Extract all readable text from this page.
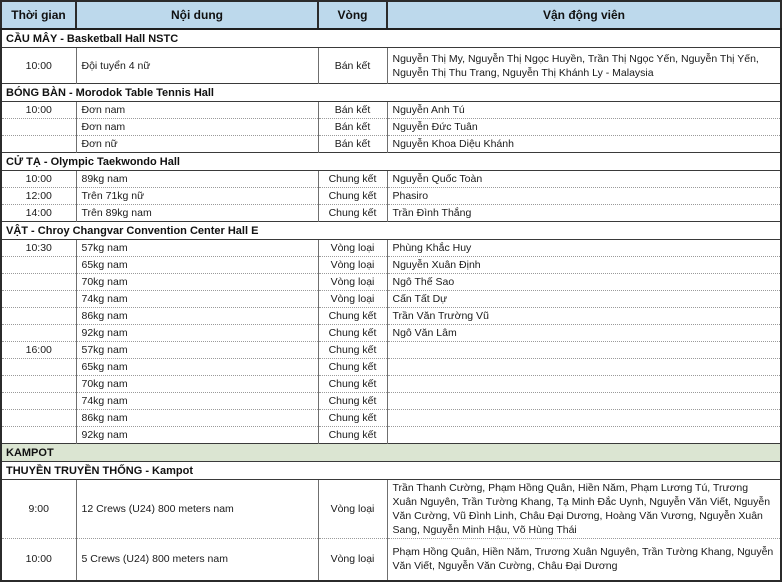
Thời gian	Nội dung	Vòng	Vận động viên
CẦU MÂY - Basketball Hall NSTC			
10:00	Đội tuyển 4 nữ	Bán kết	Nguyễn Thị My, Nguyễn Thị Ngọc Huyền, Trần Thị Ngọc Yến, Nguyễn Thị Yến, Nguyễn Thị Thu Trang, Nguyễn Thị Khánh Ly - Malaysia
BÓNG BÀN - Morodok Table Tennis Hall			
10:00	Đơn nam	Bán kết	Nguyễn Anh Tú
	Đơn nam	Bán kết	Nguyễn Đức Tuân
	Đơn nữ	Bán kết	Nguyễn Khoa Diệu Khánh
CỬ TẠ - Olympic Taekwondo Hall			
10:00	89kg nam	Chung kết	Nguyễn Quốc Toàn
12:00	Trên 71kg nữ	Chung kết	Phasiro
14:00	Trên 89kg nam	Chung kết	Trần Đình Thắng
VẬT - Chroy Changvar Convention Center Hall E			
10:30	57kg nam	Vòng loại	Phùng Khắc Huy
	65kg nam	Vòng loại	Nguyễn Xuân Định
	70kg nam	Vòng loại	Ngô Thế Sao
	74kg nam	Vòng loại	Cấn Tất Dự
	86kg nam	Chung kết	Trần Văn Trường Vũ
	92kg nam	Chung kết	Ngô Văn Lâm
16:00	57kg nam	Chung kết	
	65kg nam	Chung kết	
	70kg nam	Chung kết	
	74kg nam	Chung kết	
	86kg nam	Chung kết	
	92kg nam	Chung kết	
KAMPOT			
THUYỀN TRUYỀN THỐNG - Kampot			
9:00	12 Crews (U24) 800 meters nam	Vòng loại	Trần Thanh Cường, Phạm Hồng Quân, Hiền Năm, Phạm Lương Tú, Trương Xuân Nguyên, Trần Tường Khang, Tạ Minh Đắc Uynh, Nguyễn Văn Viết, Nguyễn Văn Cường, Vũ Đình Linh, Châu Đại Dương, Hoàng Văn Vương, Nguyễn Xuân Sang, Nguyễn Minh Hậu, Võ Hùng Thái
10:00	5 Crews (U24) 800 meters nam	Vòng loại	Phạm Hồng Quân, Hiền Năm, Trương Xuân Nguyên, Trần Tường Khang, Nguyễn Văn Viết, Nguyễn Văn Cường, Châu Đại Dương
